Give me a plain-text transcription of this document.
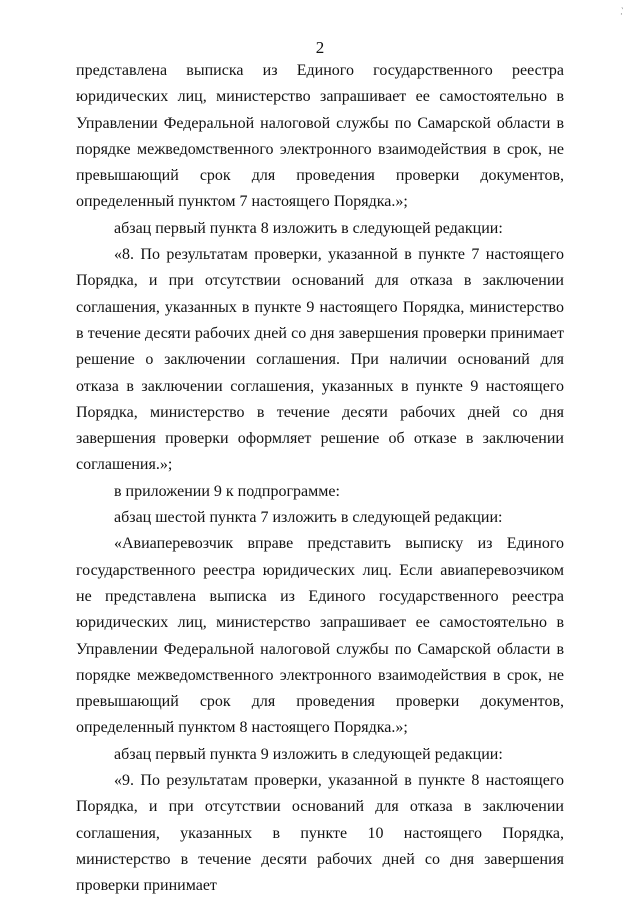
`.
2

представлена выписка из Единого государственного реестра юридических лиц, министерство запрашивает ее самостоятельно в Управлении Федеральной налоговой службы по Самарской области в порядке межведомственного электронного взаимодействия в срок, не превышающий срок для проведения проверки документов, определенный пунктом 7 настоящего Порядка.»;

абзац первый пункта 8 изложить в следующей редакции:

«8. По результатам проверки, указанной в пункте 7 настоящего Порядка, и при отсутствии оснований для отказа в заключении соглашения, указанных в пункте 9 настоящего Порядка, министерство в течение десяти рабочих дней со дня завершения проверки принимает решение о заключении соглашения. При наличии оснований для отказа в заключении соглашения, указанных в пункте 9 настоящего Порядка, министерство в течение десяти рабочих дней со дня завершения проверки оформляет решение об отказе в заключении соглашения.»;

в приложении 9 к подпрограмме:

абзац шестой пункта 7 изложить в следующей редакции:

«Авиаперевозчик вправе представить выписку из Единого государственного реестра юридических лиц. Если авиаперевозчиком не представлена выписка из Единого государственного реестра юридических лиц, министерство запрашивает ее самостоятельно в Управлении Федеральной налоговой службы по Самарской области в порядке межведомственного электронного взаимодействия в срок, не превышающий срок для проведения проверки документов, определенный пунктом 8 настоящего Порядка.»;

абзац первый пункта 9 изложить в следующей редакции:

«9. По результатам проверки, указанной в пункте 8 настоящего Порядка, и при отсутствии оснований для отказа в заключении соглашения, указанных в пункте 10 настоящего Порядка, министерство в течение десяти рабочих дней со дня завершения проверки принимает
